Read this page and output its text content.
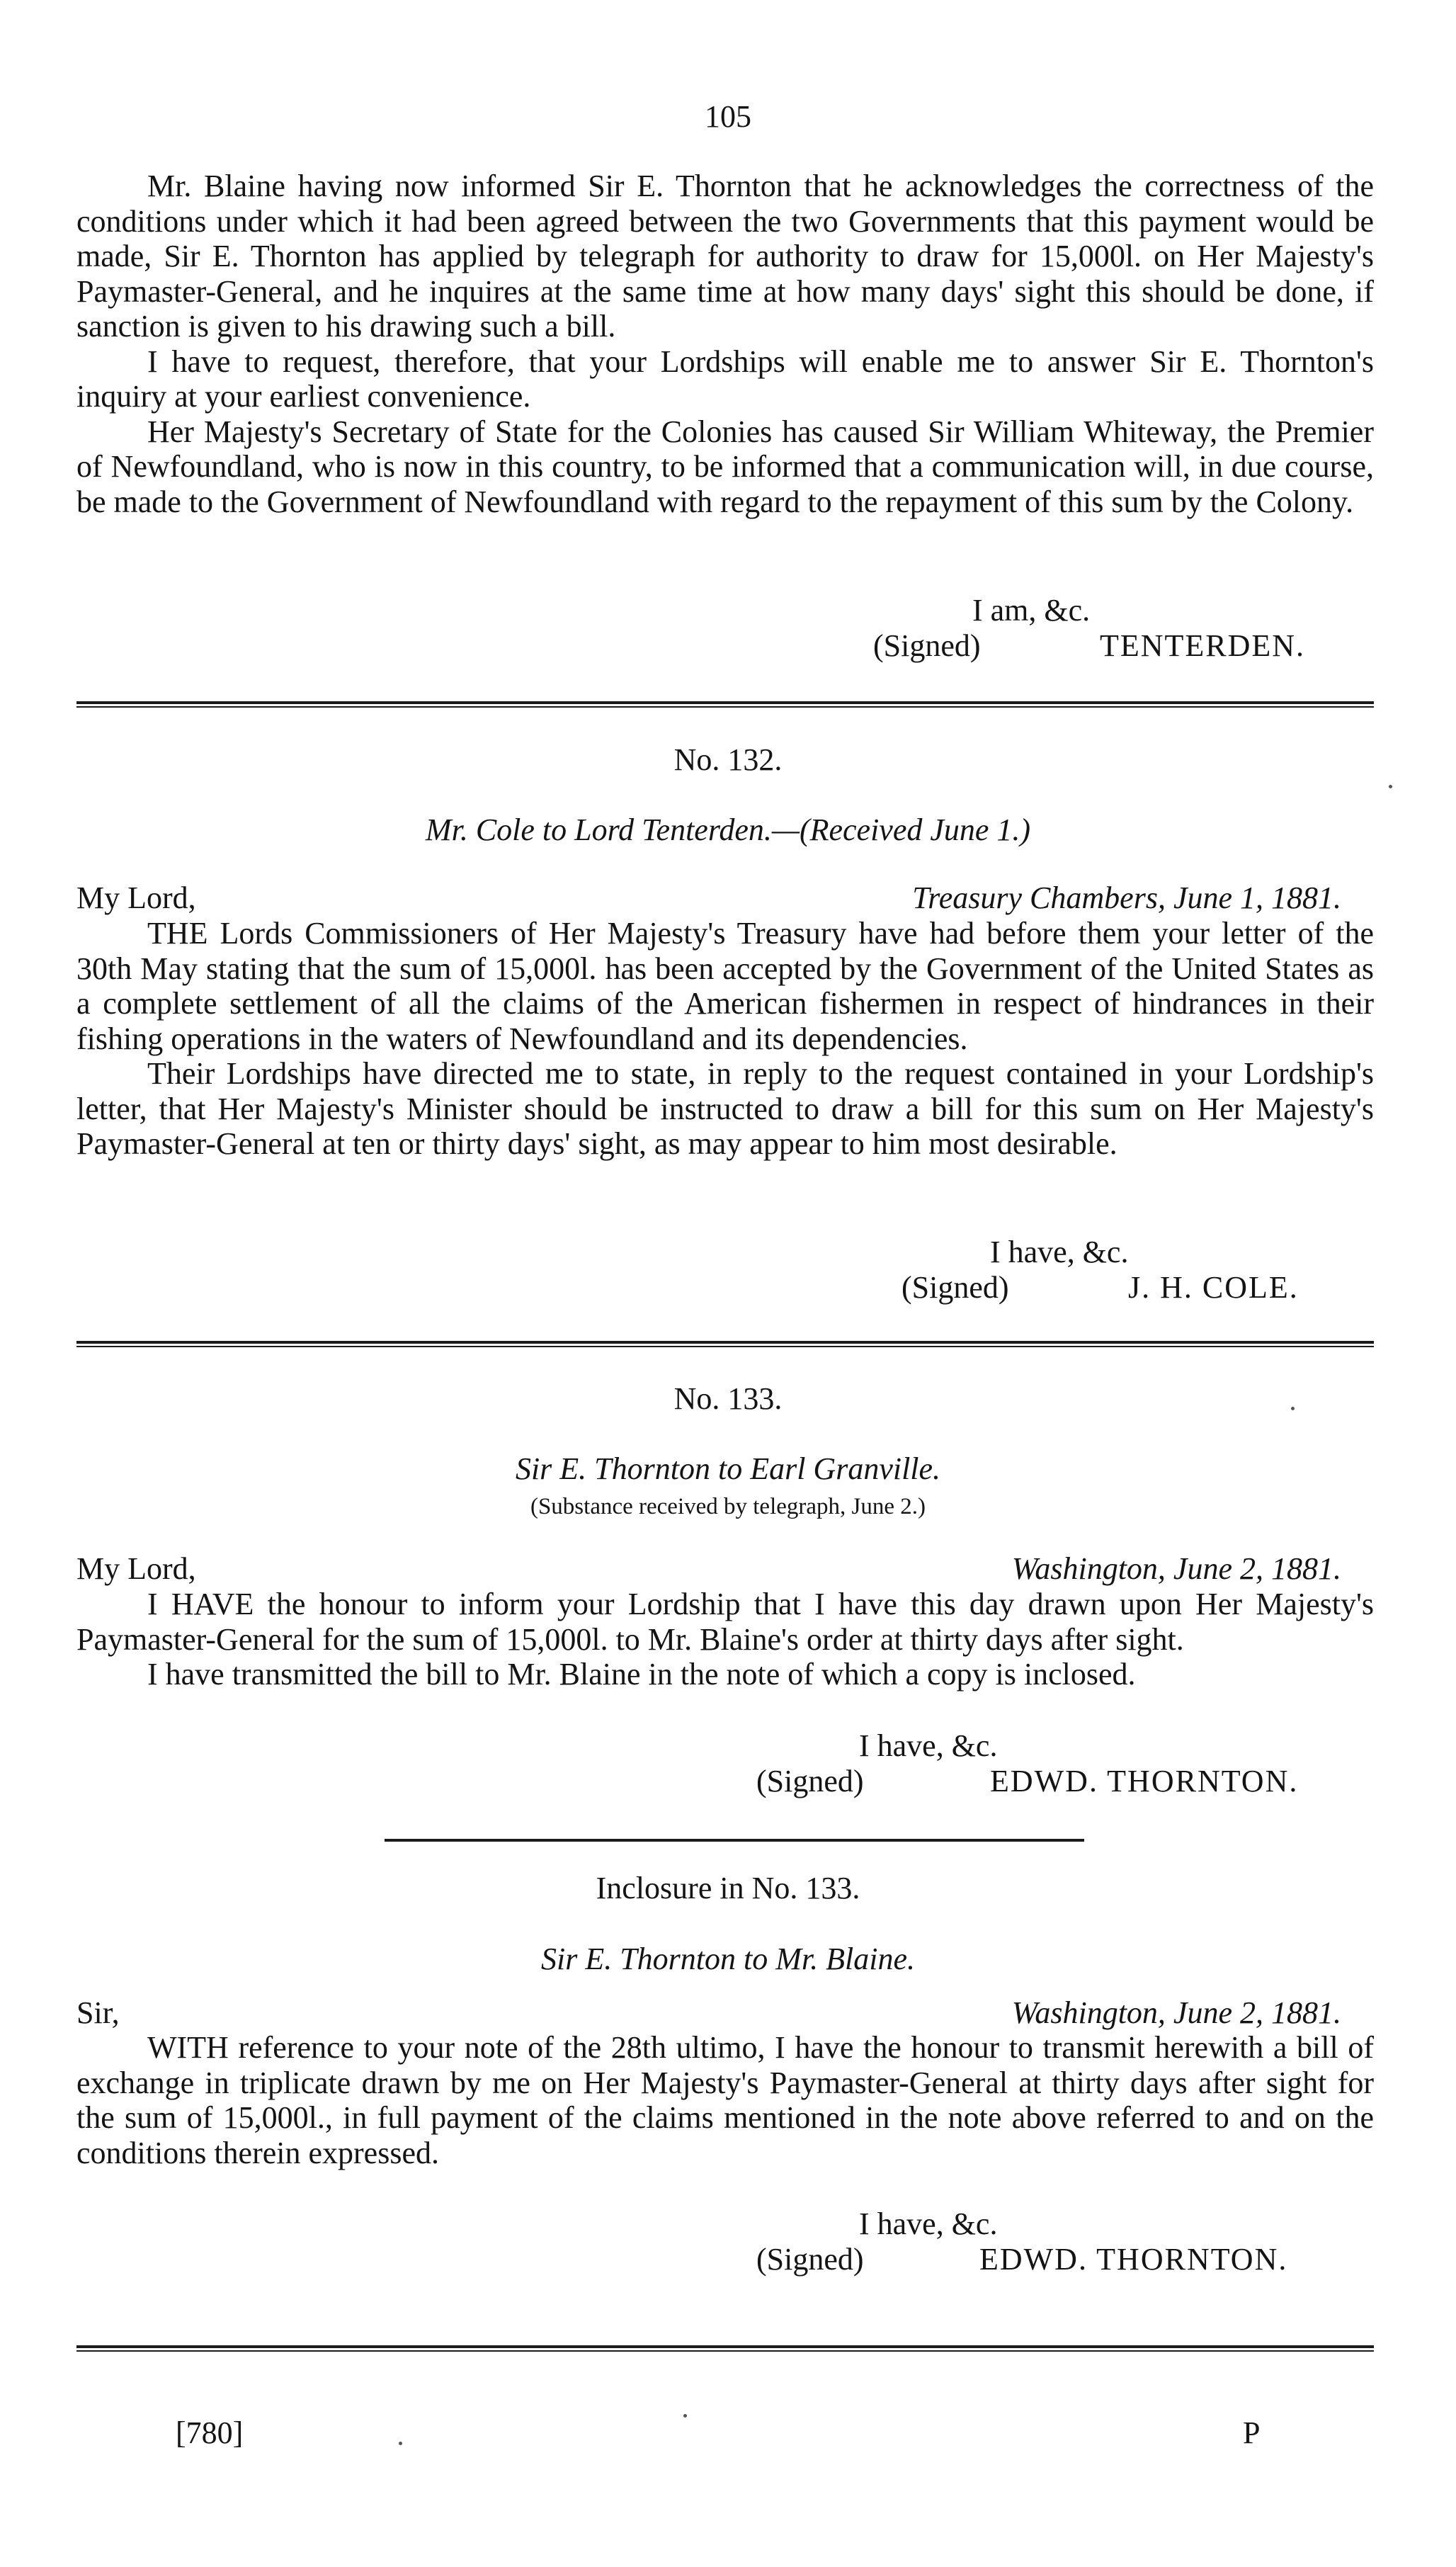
105

Mr. Blaine having now informed Sir E. Thornton that he acknowledges the correctness of the conditions under which it had been agreed between the two Governments that this payment would be made, Sir E. Thornton has applied by telegraph for authority to draw for 15,000l. on Her Majesty's Paymaster-General, and he inquires at the same time at how many days' sight this should be done, if sanction is given to his drawing such a bill.

I have to request, therefore, that your Lordships will enable me to answer Sir E. Thornton's inquiry at your earliest convenience.

Her Majesty's Secretary of State for the Colonies has caused Sir William Whiteway, the Premier of Newfoundland, who is now in this country, to be informed that a communication will, in due course, be made to the Government of Newfoundland with regard to the repayment of this sum by the Colony.

I am, &c.
(Signed)	TENTERDEN.
No. 132.
Mr. Cole to Lord Tenterden.—(Received June 1.)
My Lord,	Treasury Chambers, June 1, 1881.

THE Lords Commissioners of Her Majesty's Treasury have had before them your letter of the 30th May stating that the sum of 15,000l. has been accepted by the Government of the United States as a complete settlement of all the claims of the American fishermen in respect of hindrances in their fishing operations in the waters of Newfoundland and its dependencies.

Their Lordships have directed me to state, in reply to the request contained in your Lordship's letter, that Her Majesty's Minister should be instructed to draw a bill for this sum on Her Majesty's Paymaster-General at ten or thirty days' sight, as may appear to him most desirable.

I have, &c.
(Signed)	J. H. COLE.
No. 133.
Sir E. Thornton to Earl Granville.
(Substance received by telegraph, June 2.)
My Lord,	Washington, June 2, 1881.

I HAVE the honour to inform your Lordship that I have this day drawn upon Her Majesty's Paymaster-General for the sum of 15,000l. to Mr. Blaine's order at thirty days after sight.

I have transmitted the bill to Mr. Blaine in the note of which a copy is inclosed.

I have, &c.
(Signed)	EDWD. THORNTON.
Inclosure in No. 133.
Sir E. Thornton to Mr. Blaine.
Sir,	Washington, June 2, 1881.

WITH reference to your note of the 28th ultimo, I have the honour to transmit herewith a bill of exchange in triplicate drawn by me on Her Majesty's Paymaster-General at thirty days after sight for the sum of 15,000l., in full payment of the claims mentioned in the note above referred to and on the conditions therein expressed.

I have, &c.
(Signed)	EDWD. THORNTON.
[780]	P
